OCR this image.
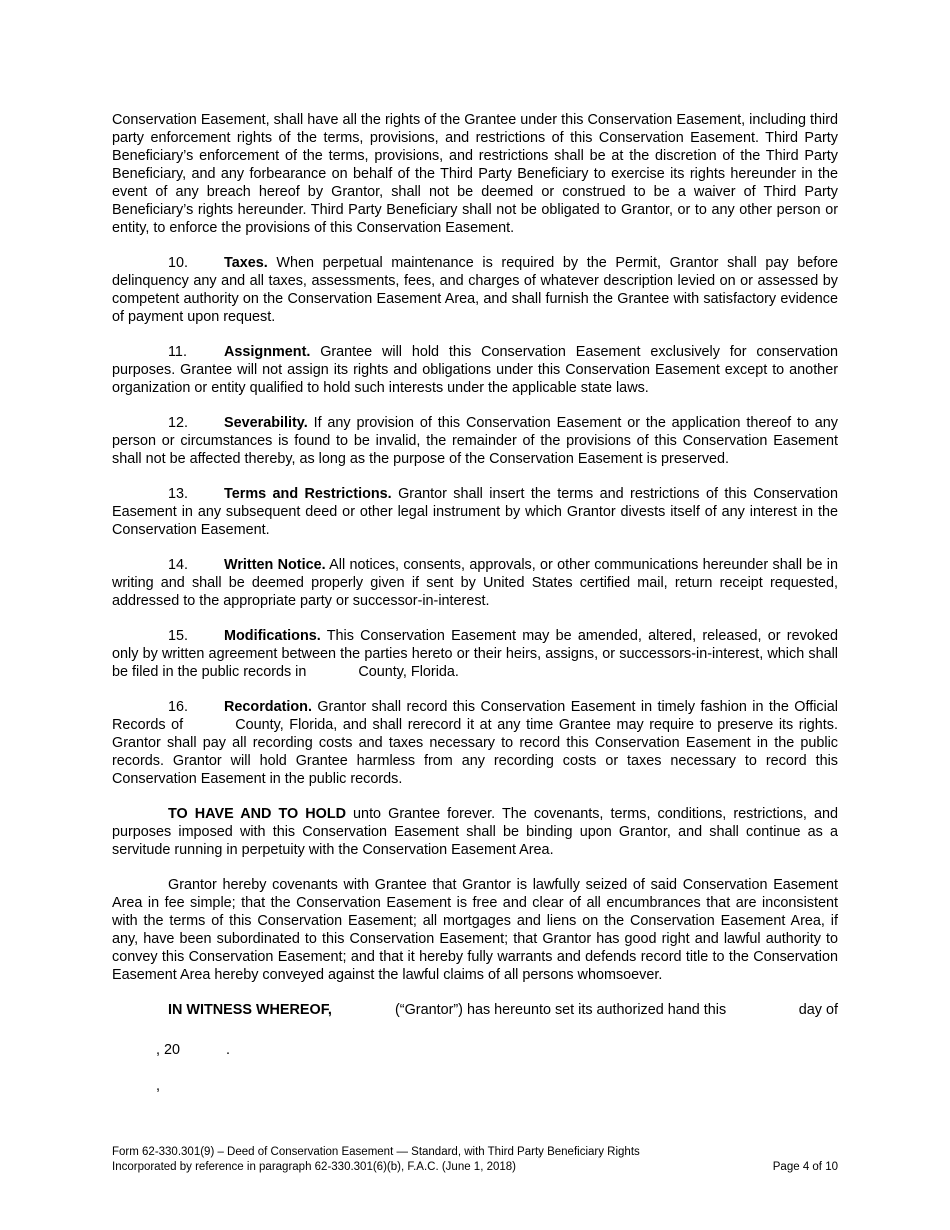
Conservation Easement, shall have all the rights of the Grantee under this Conservation Easement, including third party enforcement rights of the terms, provisions, and restrictions of this Conservation Easement. Third Party Beneficiary’s enforcement of the terms, provisions, and restrictions shall be at the discretion of the Third Party Beneficiary, and any forbearance on behalf of the Third Party Beneficiary to exercise its rights hereunder in the event of any breach hereof by Grantor, shall not be deemed or construed to be a waiver of Third Party Beneficiary’s rights hereunder. Third Party Beneficiary shall not be obligated to Grantor, or to any other person or entity, to enforce the provisions of this Conservation Easement.

10. Taxes. When perpetual maintenance is required by the Permit, Grantor shall pay before delinquency any and all taxes, assessments, fees, and charges of whatever description levied on or assessed by competent authority on the Conservation Easement Area, and shall furnish the Grantee with satisfactory evidence of payment upon request.

11.	Assignment. Grantee will hold this Conservation Easement exclusively for conservation purposes. Grantee will not assign its rights and obligations under this Conservation Easement except to another organization or entity qualified to hold such interests under the applicable state laws.

12. Severability. If any provision of this Conservation Easement or the application thereof to any person or circumstances is found to be invalid, the remainder of the provisions of this Conservation Easement shall not be affected thereby, as long as the purpose of the Conservation Easement is preserved.

13. Terms and Restrictions. Grantor shall insert the terms and restrictions of this Conservation Easement in any subsequent deed or other legal instrument by which Grantor divests itself of any interest in the Conservation Easement.

14. Written Notice. All notices, consents, approvals, or other communications hereunder shall be in writing and shall be deemed properly given if sent by United States certified mail, return receipt requested, addressed to the appropriate party or successor-in-interest.

15. Modifications. This Conservation Easement may be amended, altered, released, or revoked only by written agreement between the parties hereto or their heirs, assigns, or successors-in-interest, which shall be filed in the public records in	County, Florida.

16. Recordation. Grantor shall record this Conservation Easement in timely fashion in the Official Records of	County, Florida, and shall rerecord it at any time Grantee may require to preserve its rights. Grantor shall pay all recording costs and taxes necessary to record this Conservation Easement in the public records. Grantor will hold Grantee harmless from any recording costs or taxes necessary to record this Conservation Easement in the public records.

TO HAVE AND TO HOLD unto Grantee forever. The covenants, terms, conditions, restrictions, and purposes imposed with this Conservation Easement shall be binding upon Grantor, and shall continue as a servitude running in perpetuity with the Conservation Easement Area.

Grantor hereby covenants with Grantee that Grantor is lawfully seized of said Conservation Easement Area in fee simple; that the Conservation Easement is free and clear of all encumbrances that are inconsistent with the terms of this Conservation Easement; all mortgages and liens on the Conservation Easement Area, if any, have been subordinated to this Conservation Easement; that Grantor has good right and lawful authority to convey this Conservation Easement; and that it hereby fully warrants and defends record title to the Conservation Easement Area hereby conveyed against the lawful claims of all persons whomsoever.

IN WITNESS WHEREOF,	(“Grantor”) has hereunto set its authorized hand this	day of
, 20	.
,
Form 62-330.301(9) – Deed of Conservation Easement — Standard, with Third Party Beneficiary Rights
Incorporated by reference in paragraph 62-330.301(6)(b), F.A.C. (June 1, 2018)	Page 4 of 10
